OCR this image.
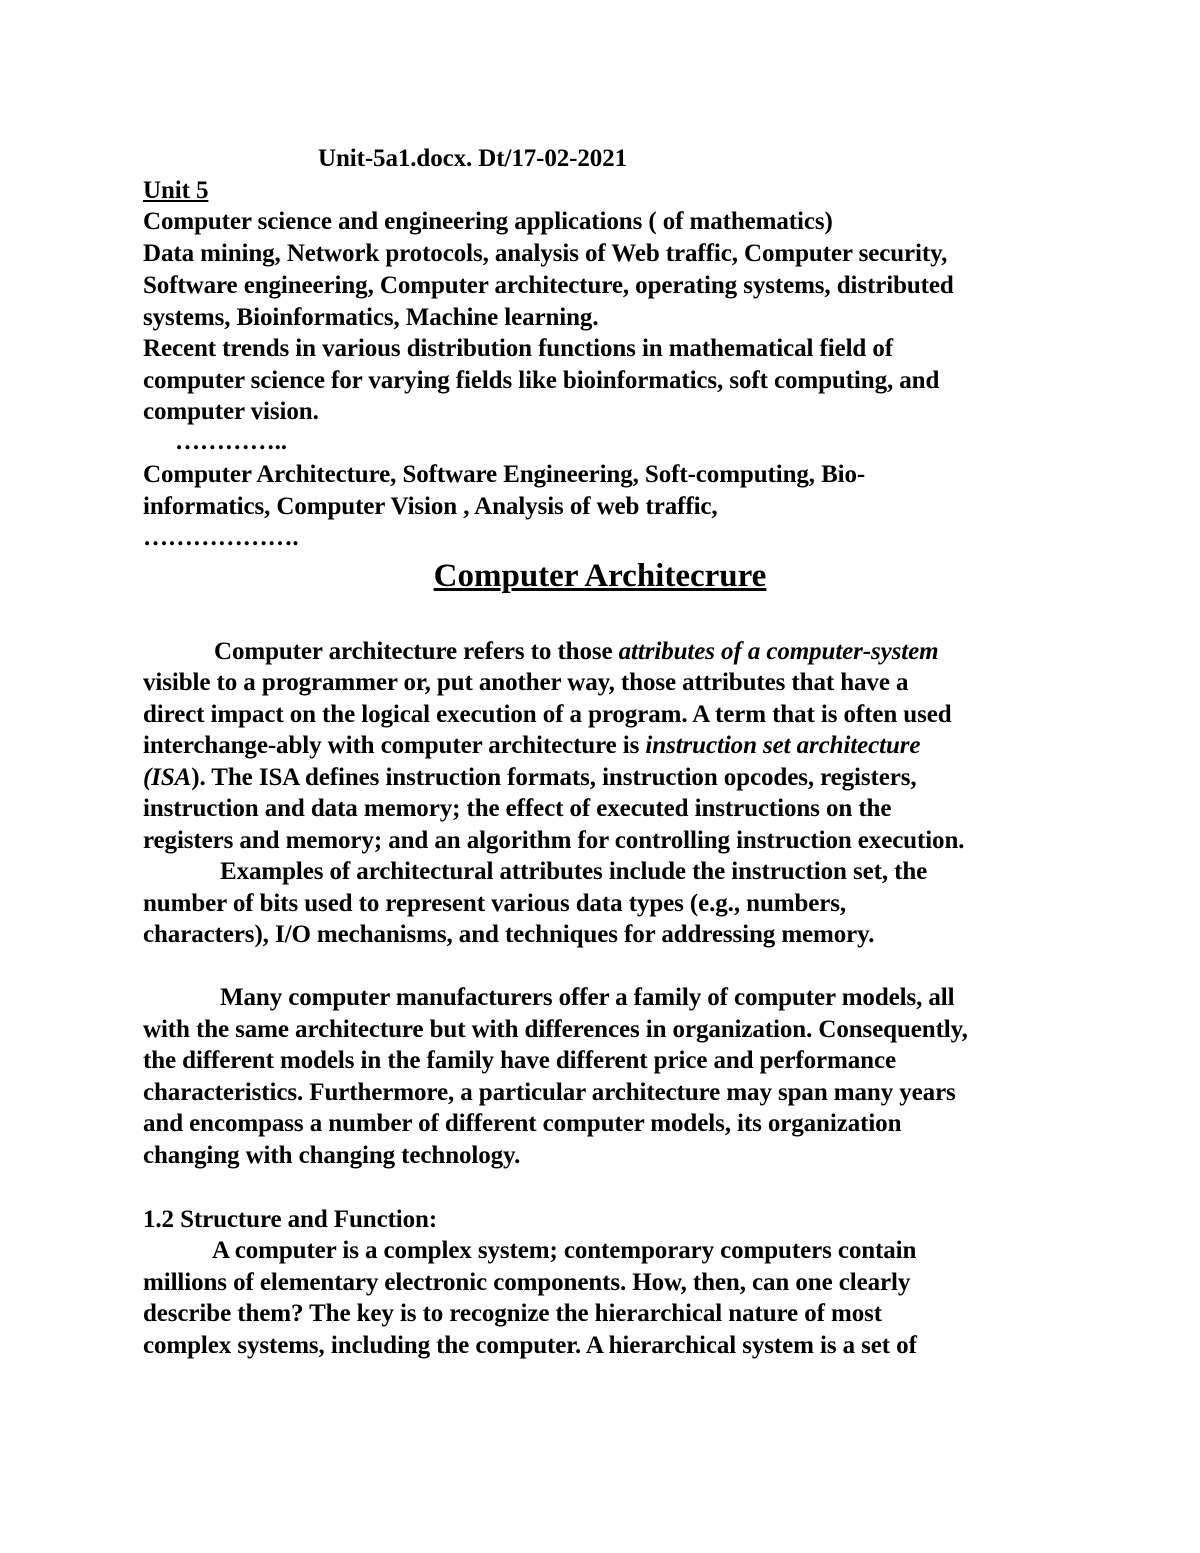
Unit-5a1.docx. Dt/17-02-2021
Unit 5
Computer science and engineering applications ( of mathematics)
Data mining, Network protocols, analysis of Web traffic, Computer security,
Software engineering, Computer architecture, operating systems, distributed
systems, Bioinformatics, Machine learning.
Recent trends in various distribution functions in mathematical field of
computer science for varying fields like bioinformatics, soft computing, and
computer vision.
…………..
Computer Architecture, Software Engineering, Soft-computing, Bio-
informatics, Computer Vision , Analysis of web traffic,
……………….
Computer Architecrure
Computer architecture refers to those attributes of a computer-system
visible to a programmer or, put another way, those attributes that have a
direct impact on the logical execution of a program. A term that is often used
interchange-ably with computer architecture is instruction set architecture
(ISA). The ISA defines instruction formats, instruction opcodes, registers,
instruction and data memory; the effect of executed instructions on the
registers and memory; and an algorithm for controlling instruction execution.
Examples of architectural attributes include the instruction set, the
number of bits used to represent various data types (e.g., numbers,
characters), I/O mechanisms, and techniques for addressing memory.
Many computer manufacturers offer a family of computer models, all
with the same architecture but with differences in organization. Consequently,
the different models in the family have different price and performance
characteristics. Furthermore, a particular architecture may span many years
and encompass a number of different computer models, its organization
changing with changing technology.
1.2 Structure and Function:
A computer is a complex system; contemporary computers contain
millions of elementary electronic components. How, then, can one clearly
describe them? The key is to recognize the hierarchical nature of most
complex systems, including the computer. A hierarchical system is a set of
